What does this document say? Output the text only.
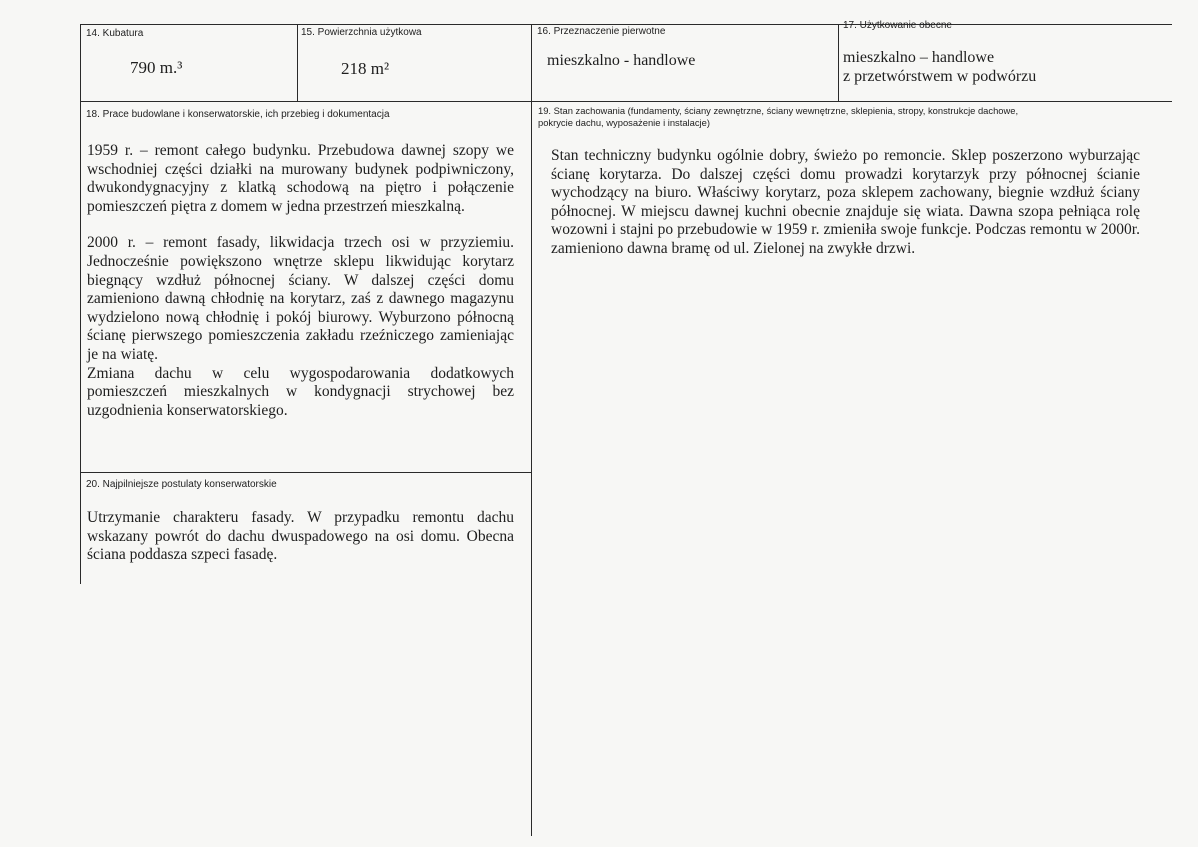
14. Kubatura
790 m.³
15. Powierzchnia użytkowa
218 m²
16. Przeznaczenie pierwotne
mieszkalno - handlowe
17. Użytkowanie obecne
mieszkalno – handlowe
z przetwórstwem w podwórzu
18. Prace budowlane i konserwatorskie, ich przebieg i dokumentacja
1959 r. – remont całego budynku. Przebudowa dawnej szopy we wschodniej części działki na murowany budynek podpiwniczony, dwukondygnacyjny z klatką schodową na piętro i połączenie pomieszczeń piętra z domem w jedna przestrzeń mieszkalną.
2000 r. – remont fasady, likwidacja trzech osi w przyziemiu. Jednocześnie powiększono wnętrze sklepu likwidując korytarz biegnący wzdłuż północnej ściany. W dalszej części domu zamieniono dawną chłodnię na korytarz, zaś z dawnego magazynu wydzielono nową chłodnię i pokój biurowy. Wyburzono północną ścianę pierwszego pomieszczenia zakładu rzeźniczego zamieniając je na wiatę.
Zmiana dachu w celu wygospodarowania dodatkowych pomieszczeń mieszkalnych w kondygnacji strychowej bez uzgodnienia konserwatorskiego.
19. Stan zachowania (fundamenty, ściany zewnętrzne, ściany wewnętrzne, sklepienia, stropy, konstrukcje dachowe,
pokrycie dachu, wyposażenie i instalacje)
Stan techniczny budynku ogólnie dobry, świeżo po remoncie. Sklep poszerzono wyburzając ścianę korytarza. Do dalszej części domu prowadzi korytarzyk przy północnej ścianie wychodzący na biuro. Właściwy korytarz, poza sklepem zachowany, biegnie wzdłuż ściany północnej. W miejscu dawnej kuchni obecnie znajduje się wiata. Dawna szopa pełniąca rolę wozowni i stajni po przebudowie w 1959 r. zmieniła swoje funkcje. Podczas remontu w 2000r. zamieniono dawna bramę od ul. Zielonej na zwykłe drzwi.
20. Najpilniejsze postulaty konserwatorskie
Utrzymanie charakteru fasady. W przypadku remontu dachu wskazany powrót do dachu dwuspadowego na osi domu. Obecna ściana poddasza szpeci fasadę.
